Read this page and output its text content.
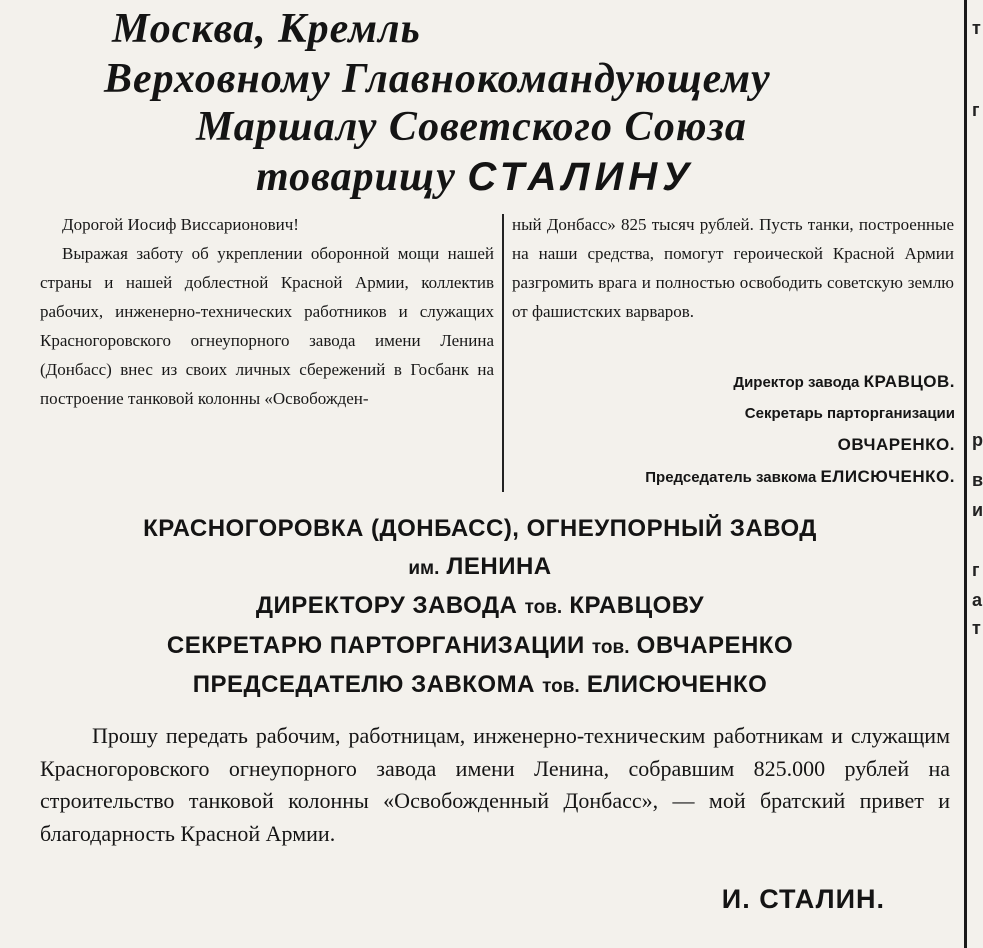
Москва, Кремль
Верховному Главнокомандующему
Маршалу Советского Союза
товарищу СТАЛИНУ

Дорогой Иосиф Виссарионович!

Выражая заботу об укреплении оборонной мощи нашей страны и нашей доблестной Красной Армии, коллектив рабочих, инженерно-технических работников и служащих Красногоровского огнеупорного завода имени Ленина (Донбасс) внес из своих личных сбережений в Госбанк на построение танковой колонны «Освобожден-

ный Донбасс» 825 тысяч рублей. Пусть танки, построенные на наши средства, помогут героической Красной Армии разгромить врага и полностью освободить советскую землю от фашистских варваров.

Директор завода КРАВЦОВ.
Секретарь парторганизации
ОВЧАРЕНКО.
Председатель завкома ЕЛИСЮЧЕНКО.
КРАСНОГОРОВКА (ДОНБАСС), ОГНЕУПОРНЫЙ ЗАВОД
им. ЛЕНИНА
ДИРЕКТОРУ ЗАВОДА тов. КРАВЦОВУ
СЕКРЕТАРЮ ПАРТОРГАНИЗАЦИИ тов. ОВЧАРЕНКО
ПРЕДСЕДАТЕЛЮ ЗАВКОМА тов. ЕЛИСЮЧЕНКО

Прошу передать рабочим, работницам, инженерно-техническим работникам и служащим Красногоровского огнеупорного завода имени Ленина, собравшим 825.000 рублей на строительство танковой колонны «Освобожденный Донбасс», — мой братский привет и благодарность Красной Армии.

И. СТАЛИН.
т
г
р
в
и
г
а
т
